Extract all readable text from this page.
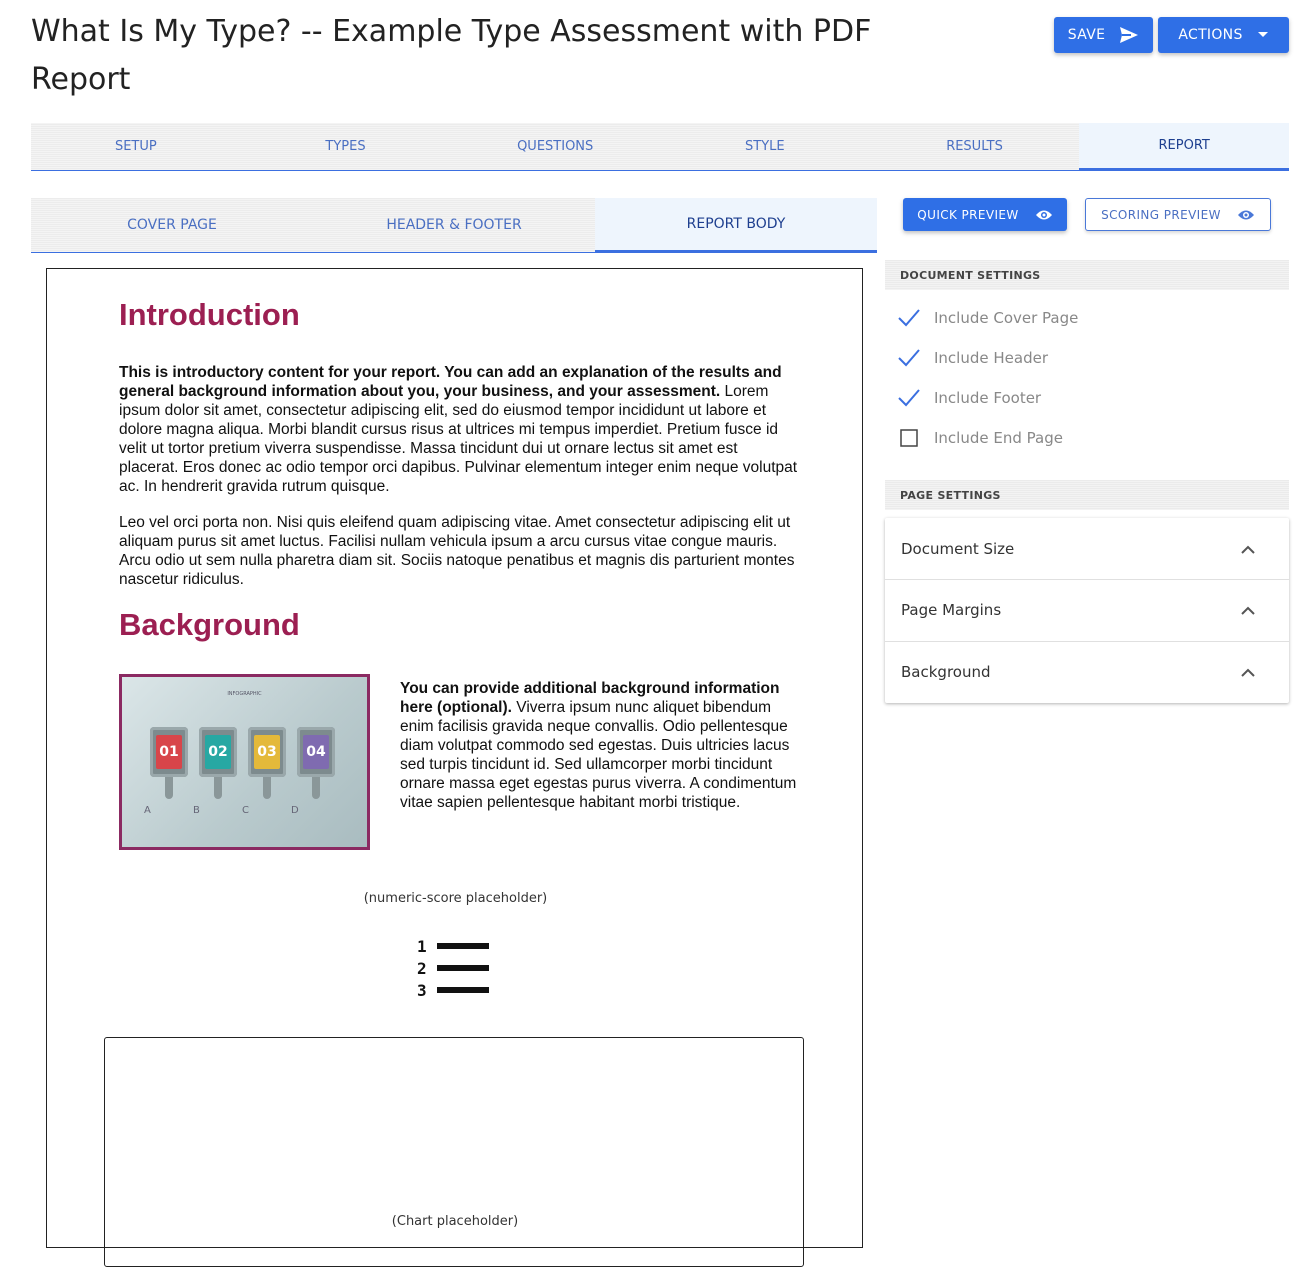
What Is My Type? -- Example Type Assessment with PDF Report
SAVE	ACTIONS
SETUP	TYPES	QUESTIONS	STYLE	RESULTS	REPORT
COVER PAGE	HEADER & FOOTER	REPORT BODY
QUICK PREVIEW	SCORING PREVIEW
Introduction

This is introductory content for your report. You can add an explanation of the results and general background information about you, your business, and your assessment. Lorem ipsum dolor sit amet, consectetur adipiscing elit, sed do eiusmod tempor incididunt ut labore et dolore magna aliqua. Morbi blandit cursus risus at ultrices mi tempus imperdiet. Pretium fusce id velit ut tortor pretium viverra suspendisse. Massa tincidunt dui ut ornare lectus sit amet est placerat. Eros donec ac odio tempor orci dapibus. Pulvinar elementum integer enim neque volutpat ac. In hendrerit gravida rutrum quisque.

Leo vel orci porta non. Nisi quis eleifend quam adipiscing vitae. Amet consectetur adipiscing elit ut aliquam purus sit amet luctus. Facilisi nullam vehicula ipsum a arcu cursus vitae congue mauris. Arcu odio ut sem nulla pharetra diam sit. Sociis natoque penatibus et magnis dis parturient montes nascetur ridiculus.

Background

You can provide additional background information here (optional). Viverra ipsum nunc aliquet bibendum enim facilisis gravida neque convallis. Odio pellentesque diam volutpat commodo sed egestas. Duis ultricies lacus sed turpis tincidunt id. Sed ullamcorper morbi tincidunt ornare massa eget egestas purus viverra. A condimentum vitae sapien pellentesque habitant morbi tristique.

INFOGRAPHIC
01
A
02
B
03
C
04
D
(numeric-score placeholder)
1
2
3
(Chart placeholder)
DOCUMENT SETTINGS
Include Cover Page
Include Header
Include Footer
Include End Page
PAGE SETTINGS
Document Size
Page Margins
Background
